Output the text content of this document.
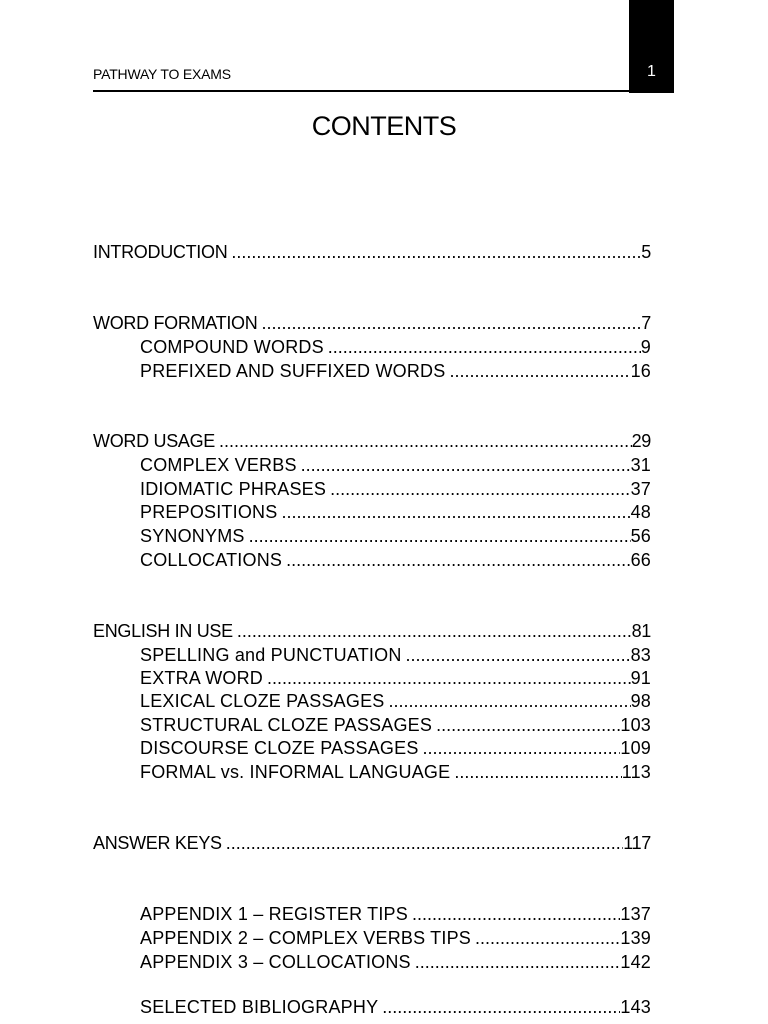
PATHWAY TO EXAMS	1
CONTENTS
INTRODUCTION .....	5
WORD FORMATION .....	7
COMPOUND WORDS .....	9
PREFIXED AND SUFFIXED WORDS .....	16
WORD USAGE .....	29
COMPLEX VERBS .....	31
IDIOMATIC PHRASES .....	37
PREPOSITIONS .....	48
SYNONYMS .....	56
COLLOCATIONS .....	66
ENGLISH IN USE .....	81
SPELLING and PUNCTUATION .....	83
EXTRA WORD .....	91
LEXICAL CLOZE PASSAGES .....	98
STRUCTURAL CLOZE PASSAGES .....	103
DISCOURSE CLOZE PASSAGES .....	109
FORMAL vs. INFORMAL LANGUAGE .....	113
ANSWER KEYS .....	117
APPENDIX 1 – REGISTER TIPS .....	137
APPENDIX 2 – COMPLEX VERBS TIPS .....	139
APPENDIX 3 – COLLOCATIONS .....	142
SELECTED BIBLIOGRAPHY .....	143
